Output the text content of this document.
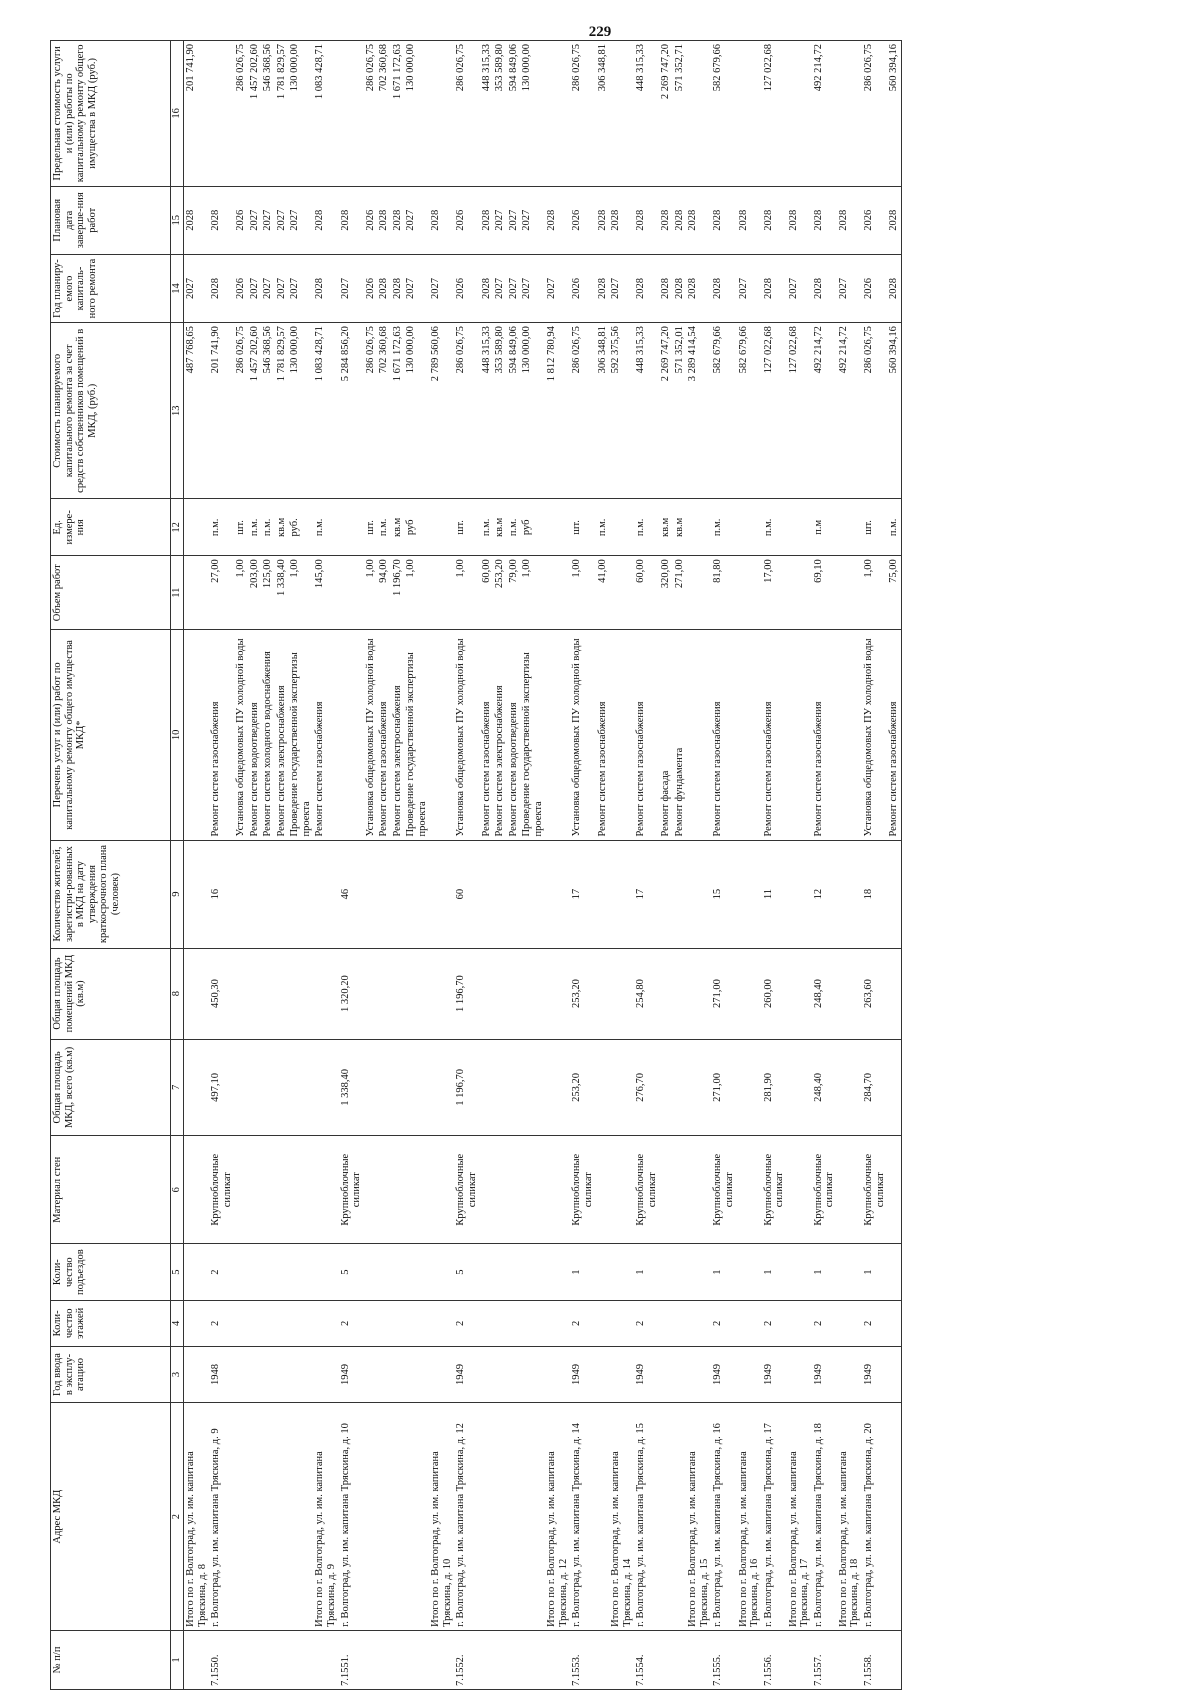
229
№ п/п	Адрес МКД	Год ввода в эксплу-атацию	Коли-чество этажей	Коли-чество подъездов	Материал стен	Общая площадь МКД, всего (кв.м)	Общая площадь помещений МКД (кв.м)	Количество жителей, зарегистри-рованных в МКД на дату утверждения краткосрочного плана (человек)	Перечень услуг и (или) работ по капитальному ремонту общего имущества МКД*	Объем работ	Ед. измере-ния	Стоимость планируемого капитального ремонта за счет средств собственников помещений в МКД, (руб.)	Год планиру-емого капиталь-ного ремонта	Плановая дата заверше-ния работ	Предельная стоимость услуги и (или) работы по капитальному ремонту общего имущества в МКД (руб.)
1	2	3	4	5	6	7	8	9	10	11	12	13	14	15	16
	Итого по г. Волгоград, ул. им. капитана Тряскина, д. 8											487 768,65	2027	2028	201 741,90
7.1550.	г. Волгоград, ул. им. капитана Тряскина, д. 9	1948	2	2	Крупноблочные силикат	497,10	450,30	16	Ремонт систем газоснабжения	27,00	п.м.	201 741,90	2028	2028	
									Установка общедомовых ПУ холодной воды	1,00	шт.	286 026,75	2026	2026	286 026,75
									Ремонт систем водоотведения	203,00	п.м.	1 457 202,60	2027	2027	1 457 202,60
									Ремонт систем холодного водоснабжения	125,00	п.м.	546 368,56	2027	2027	546 368,56
									Ремонт систем электроснабжения	1 338,40	кв.м	1 781 829,57	2027	2027	1 781 829,57
									Проведение государственной экспертизы проекта	1,00	руб.	130 000,00	2027	2027	130 000,00
	Итого по г. Волгоград, ул. им. капитана Тряскина, д. 9								Ремонт систем газоснабжения	145,00	п.м.	1 083 428,71	2028	2028	1 083 428,71
7.1551.	г. Волгоград, ул. им. капитана Тряскина, д. 10	1949	2	5	Крупноблочные силикат	1 338,40	1 320,20	46				5 284 856,20	2027	2028	
									Установка общедомовых ПУ холодной воды	1,00	шт.	286 026,75	2026	2026	286 026,75
									Ремонт систем газоснабжения	94,00	п.м.	702 360,68	2028	2028	702 360,68
									Ремонт систем электроснабжения	1 196,70	кв.м	1 671 172,63	2028	2028	1 671 172,63
									Проведение государственной экспертизы проекта	1,00	руб	130 000,00	2027	2027	130 000,00
	Итого по г. Волгоград, ул. им. капитана Тряскина, д. 10											2 789 560,06	2027	2028	
7.1552.	г. Волгоград, ул. им. капитана Тряскина, д. 12	1949	2	5	Крупноблочные силикат	1 196,70	1 196,70	60	Установка общедомовых ПУ холодной воды	1,00	шт.	286 026,75	2026	2026	286 026,75
									Ремонт систем газоснабжения	60,00	п.м.	448 315,33	2028	2028	448 315,33
									Ремонт систем электроснабжения	253,20	кв.м	353 589,80	2027	2027	353 589,80
									Ремонт систем водоотведения	79,00	п.м.	594 849,06	2027	2027	594 849,06
									Проведение государственной экспертизы проекта	1,00	руб	130 000,00	2027	2027	130 000,00
	Итого по г. Волгоград, ул. им. капитана Тряскина, д. 12											1 812 780,94	2027	2028	
7.1553.	г. Волгоград, ул. им. капитана Тряскина, д. 14	1949	2	1	Крупноблочные силикат	253,20	253,20	17	Установка общедомовых ПУ холодной воды	1,00	шт.	286 026,75	2026	2026	286 026,75
									Ремонт систем газоснабжения	41,00	п.м.	306 348,81	2028	2028	306 348,81
	Итого по г. Волгоград, ул. им. капитана Тряскина, д. 14											592 375,56	2027	2028	
7.1554.	г. Волгоград, ул. им. капитана Тряскина, д. 15	1949	2	1	Крупноблочные силикат	276,70	254,80	17	Ремонт систем газоснабжения	60,00	п.м.	448 315,33	2028	2028	448 315,33
									Ремонт фасада	320,00	кв.м	2 269 747,20	2028	2028	2 269 747,20
									Ремонт фундамента	271,00	кв.м	571 352,01	2028	2028	571 352,71
	Итого по г. Волгоград, ул. им. капитана Тряскина, д. 15											3 289 414,54	2028	2028	
7.1555.	г. Волгоград, ул. им. капитана Тряскина, д. 16	1949	2	1	Крупноблочные силикат	271,00	271,00	15	Ремонт систем газоснабжения	81,80	п.м.	582 679,66	2028	2028	582 679,66
	Итого по г. Волгоград, ул. им. капитана Тряскина, д. 16											582 679,66	2027	2028	
7.1556.	г. Волгоград, ул. им. капитана Тряскина, д. 17	1949	2	1	Крупноблочные силикат	281,90	260,00	11	Ремонт систем газоснабжения	17,00	п.м.	127 022,68	2028	2028	127 022,68
	Итого по г. Волгоград, ул. им. капитана Тряскина, д. 17											127 022,68	2027	2028	
7.1557.	г. Волгоград, ул. им. капитана Тряскина, д. 18	1949	2	1	Крупноблочные силикат	248,40	248,40	12	Ремонт систем газоснабжения	69,10	п.м	492 214,72	2028	2028	492 214,72
	Итого по г. Волгоград, ул. им. капитана Тряскина, д. 18											492 214,72	2027	2028	
7.1558.	г. Волгоград, ул. им. капитана Тряскина, д. 20	1949	2	1	Крупноблочные силикат	284,70	263,60	18	Установка общедомовых ПУ холодной воды	1,00	шт.	286 026,75	2026	2026	286 026,75
									Ремонт систем газоснабжения	75,00	п.м.	560 394,16	2028	2028	560 394,16
